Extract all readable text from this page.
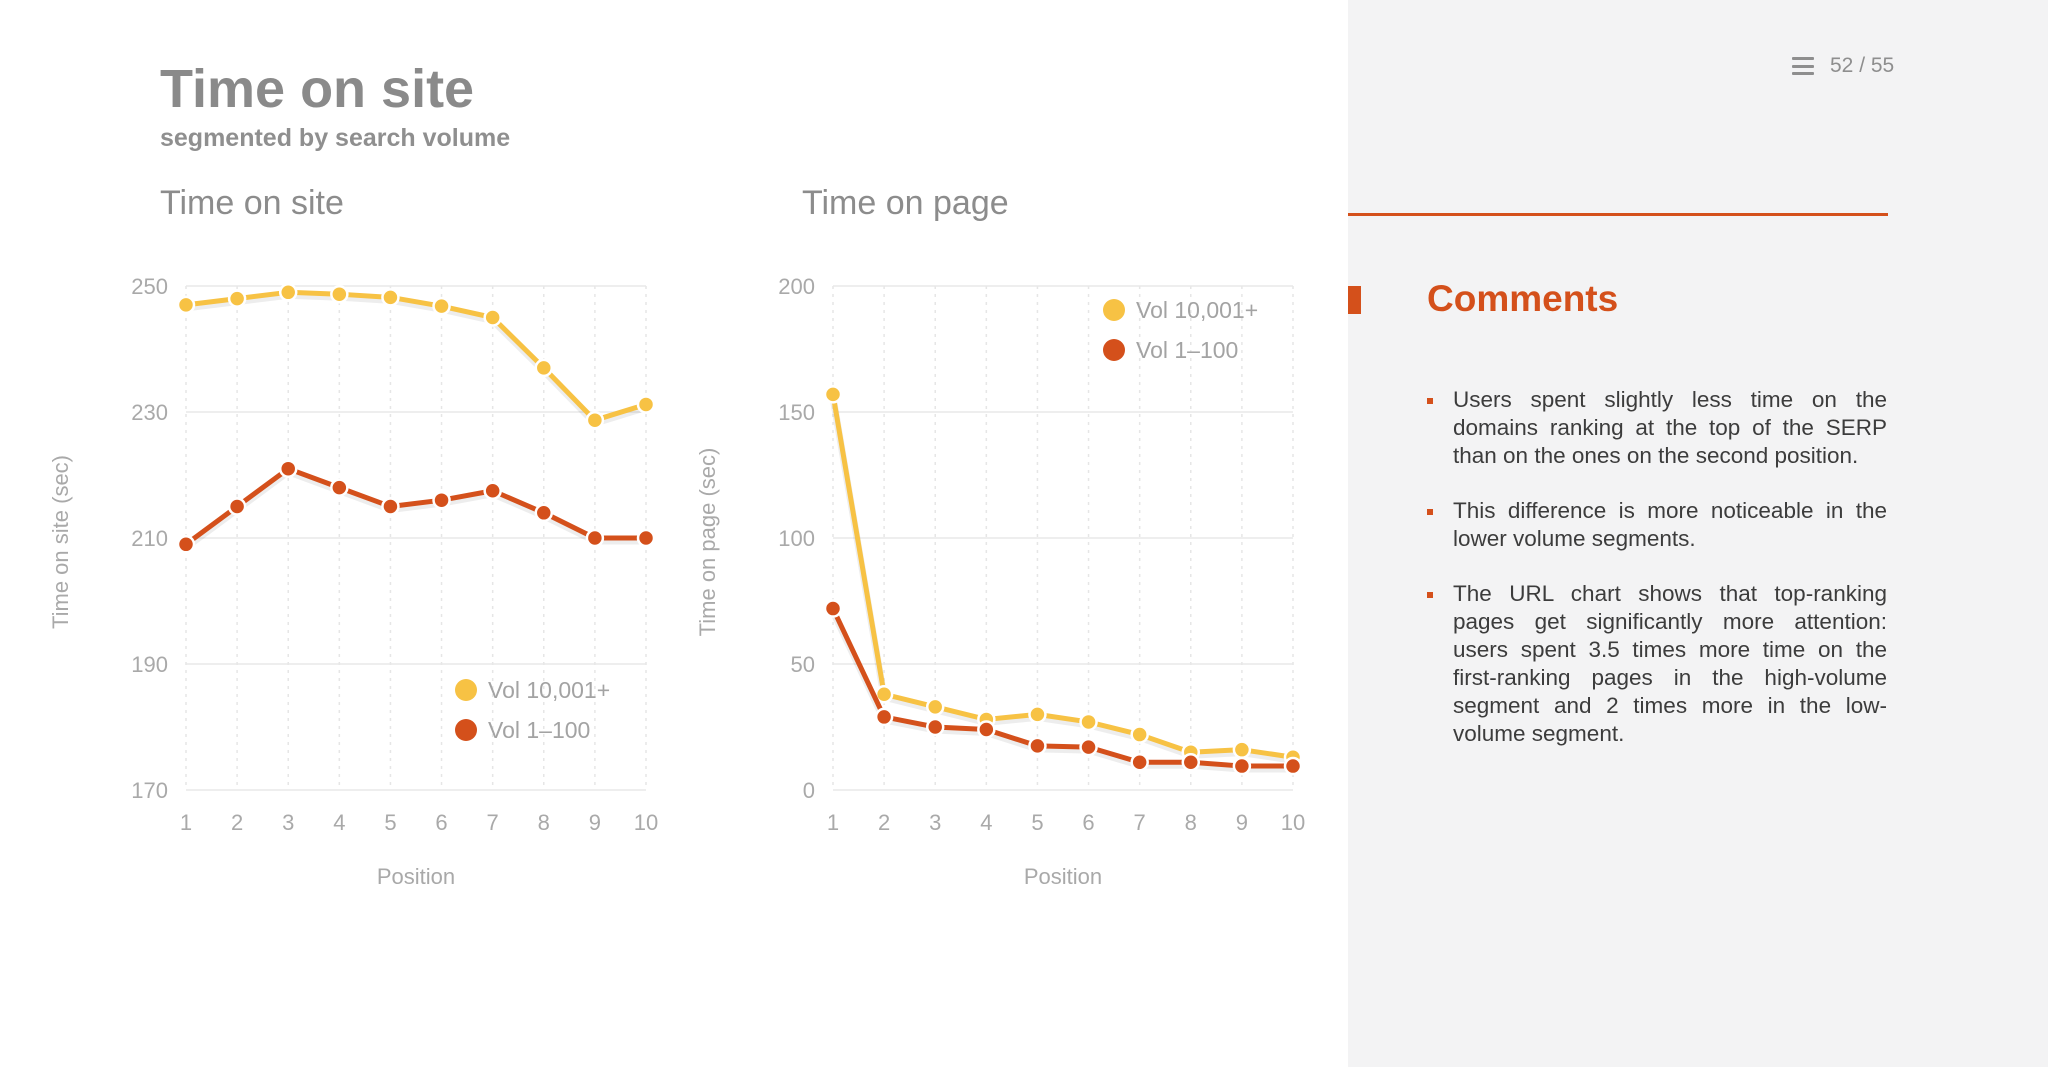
Time on site
segmented by search volume
Time on site	Time on page
170
190
210
230
250
1 2 3 4 5 6 7 8 9 10
Position
Time on site (sec)
Vol 10,001+
Vol 1–100
0
50
100
150
200
1 2 3 4 5 6 7 8 9 10
Position
Time on page (sec)
Vol 10,001+
Vol 1–100
52 / 55
Comments
Users spent slightly less time on the domains ranking at the top of the SERP than on the ones on the second position.
This difference is more noticeable in the lower volume segments.
The URL chart shows that top-ranking pages get significantly more attention: users spent 3.5 times more time on the first-ranking pages in the high-volume segment and 2 times more in the low-volume segment.
